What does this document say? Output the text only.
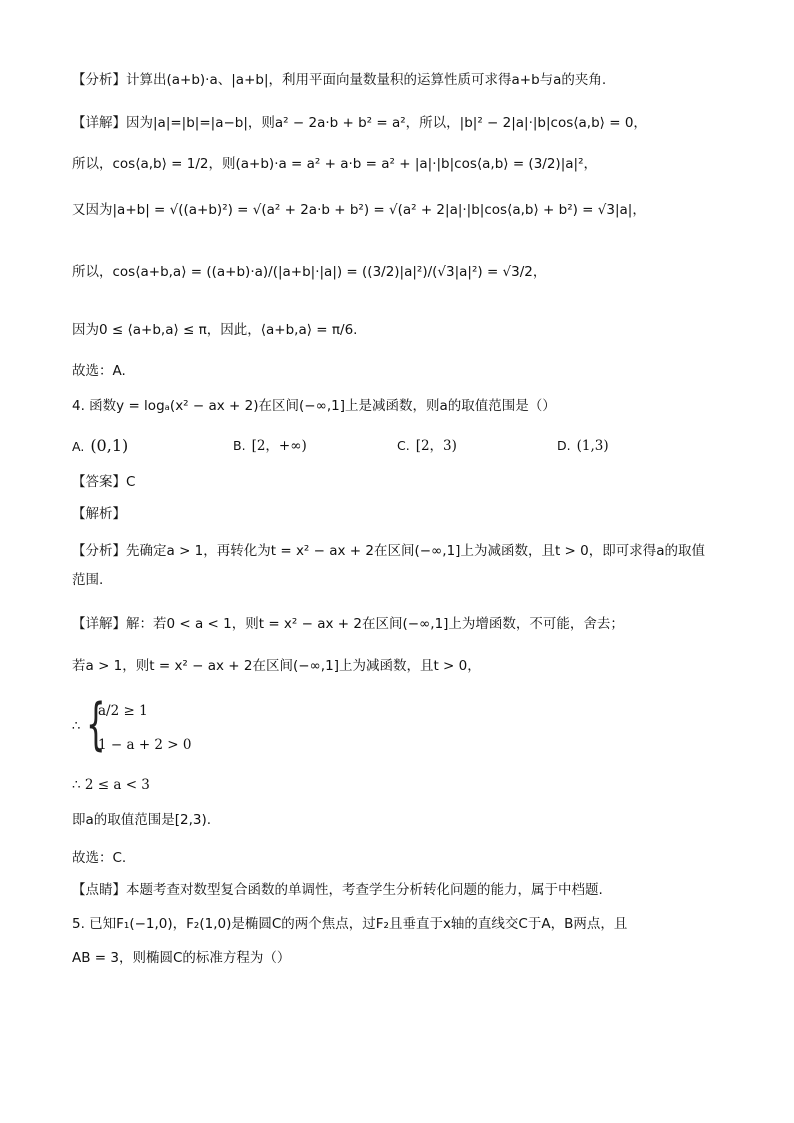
【分析】计算出(a+b)·a、|a+b|，利用平面向量数量积的运算性质可求得a+b与a的夹角.
【详解】因为|a|=|b|=|a−b|，则a² − 2a·b + b² = a²，所以，|b|² − 2|a|·|b|cos⟨a,b⟩ = 0，
所以，cos⟨a,b⟩ = 1/2，则(a+b)·a = a² + a·b = a² + |a|·|b|cos⟨a,b⟩ = (3/2)|a|²，
又因为|a+b| = √((a+b)²) = √(a² + 2a·b + b²) = √(a² + 2|a|·|b|cos⟨a,b⟩ + b²) = √3|a|，
所以，cos⟨a+b,a⟩ = ((a+b)·a)/(|a+b|·|a|) = ((3/2)|a|²)/(√3|a|²) = √3/2，
因为0 ≤ ⟨a+b,a⟩ ≤ π，因此，⟨a+b,a⟩ = π/6.
故选：A.
4. 函数y = logₐ(x² − ax + 2)在区间(−∞,1]上是减函数，则a的取值范围是（）
A. (0,1)	B. [2，+∞)	C. [2，3)	D. (1,3)
【答案】C
【解析】
【分析】先确定a > 1，再转化为t = x² − ax + 2在区间(−∞,1]上为减函数，且t > 0，即可求得a的取值
范围.
【详解】解：若0 < a < 1，则t = x² − ax + 2在区间(−∞,1]上为增函数，不可能，舍去；
若a > 1，则t = x² − ax + 2在区间(−∞,1]上为减函数，且t > 0，
∴ {
a/2 ≥ 1
1 − a + 2 > 0
∴ 2 ≤ a < 3
即a的取值范围是[2,3).
故选：C.
【点睛】本题考查对数型复合函数的单调性，考查学生分析转化问题的能力，属于中档题.
5. 已知F₁(−1,0)，F₂(1,0)是椭圆C的两个焦点，过F₂且垂直于x轴的直线交C于A，B两点，且
AB = 3，则椭圆C的标准方程为（）
